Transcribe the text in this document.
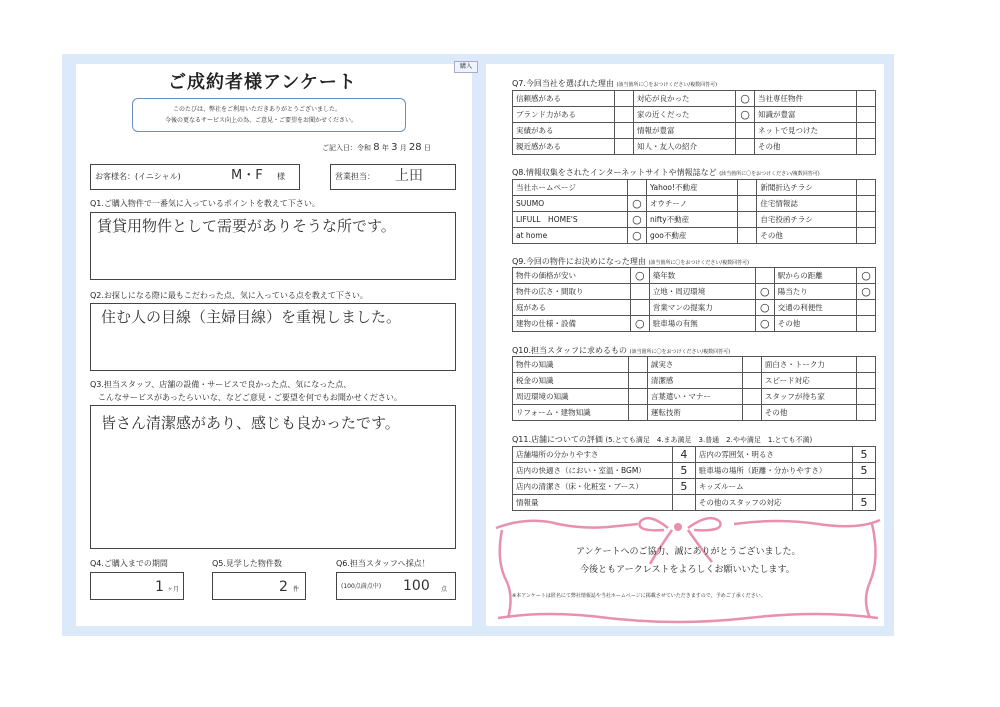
購入
ご成約者様アンケート
このたびは、弊社をご利用いただきありがとうございました。
今後の更なるサービス向上の為、ご意見・ご要望をお聞かせください。
ご記入日：令和 8 年 3 月 28 日
お客様名：(イニシャル)	M・F 様	営業担当： 上田
Q1.ご購入物件で一番気に入っているポイントを教えて下さい。
賃貸用物件として需要がありそうな所です。
Q2.お探しになる際に最もこだわった点、気に入っている点を教えて下さい。
住む人の目線（主婦目線）を重視しました。
Q3.担当スタッフ、店舗の設備・サービスで良かった点、気になった点、
こんなサービスがあったらいいな、などご意見・ご要望を何でもお聞かせください。
皆さん清潔感があり、感じも良かったです。
Q4.ご購入までの期間
1 ヶ月
Q5.見学した物件数
2 件
Q6.担当スタッフへ採点！
(100点満点中) 100 点
Q7.今回当社を選ばれた理由 (該当箇所に〇をおつけください/複数回答可)
信頼感がある		対応が良かった	○	当社専任物件	
ブランド力がある		家の近くだった	○	知識が豊富	
実績がある		情報が豊富		ネットで見つけた	
親近感がある		知人・友人の紹介		その他	
Q8.情報収集をされたインターネットサイトや情報誌など (該当箇所に〇をおつけください/複数回答可)
当社ホームページ		Yahoo!不動産		新聞折込チラシ	
SUUMO	○	オウチーノ		住宅情報誌	
LIFULL　HOME'S	○	nifty不動産		自宅投函チラシ	
at home	○	goo不動産		その他	
Q9.今回の物件にお決めになった理由 (該当箇所に〇をおつけください/複数回答可)
物件の価格が安い	○	築年数		駅からの距離	○
物件の広さ・間取り		立地・周辺環境	○	陽当たり	○
庭がある		営業マンの提案力	○	交通の利便性	
建物の仕様・設備	○	駐車場の有無	○	その他	
Q10.担当スタッフに求めるもの (該当箇所に〇をおつけください/複数回答可)
物件の知識		誠実さ		面白さ・トーク力	
税金の知識		清潔感		スピード対応	
周辺環境の知識		言葉遣い・マナー		スタッフが待ち家	
リフォーム・建物知識		運転技術		その他	
Q11.店舗についての評価 (5.とても満足　4.まあ満足　3.普通　2.やや満足　1.とても不満)
店舗場所の分かりやすさ	4	店内の雰囲気・明るさ	5
店内の快適さ（におい・室温・BGM）	5	駐車場の場所（距離・分かりやすさ）	5
店内の清潔さ（床・化粧室・ブース）	5	キッズルーム	
情報量		その他のスタッフの対応	5
アンケートへのご協力、誠にありがとうございました。
今後ともアークレストをよろしくお願いいたします。
※本アンケートは匿名にて弊社情報誌や当社ホームページに掲載させていただきますので、予めご了承ください。
